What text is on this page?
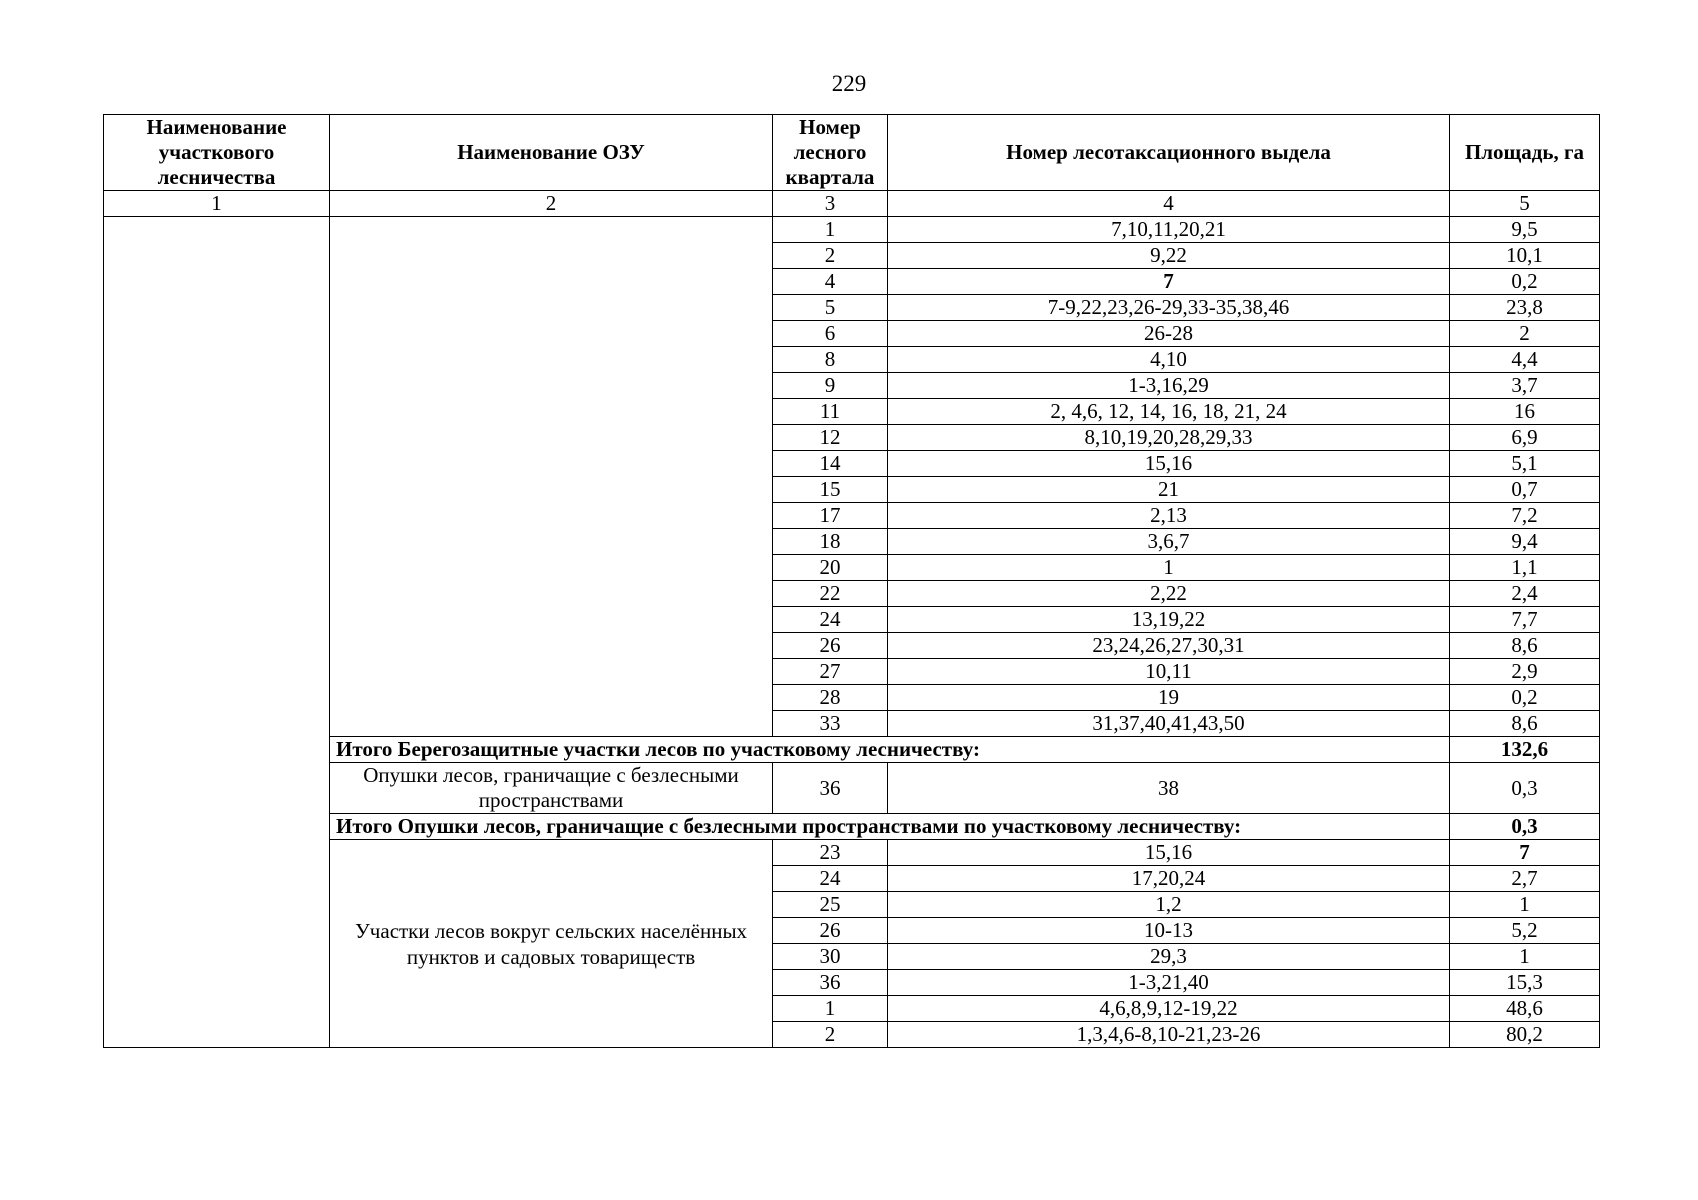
229
Наименование участкового лесничества	Наименование ОЗУ	Номер лесного квартала	Номер лесотаксационного выдела	Площадь, га
1	2	3	4	5
		1	7,10,11,20,21	9,5
		2	9,22	10,1
		4	7	0,2
		5	7-9,22,23,26-29,33-35,38,46	23,8
		6	26-28	2
		8	4,10	4,4
		9	1-3,16,29	3,7
		11	2, 4,6, 12, 14, 16, 18, 21, 24	16
		12	8,10,19,20,28,29,33	6,9
		14	15,16	5,1
		15	21	0,7
		17	2,13	7,2
		18	3,6,7	9,4
		20	1	1,1
		22	2,22	2,4
		24	13,19,22	7,7
		26	23,24,26,27,30,31	8,6
		27	10,11	2,9
		28	19	0,2
		33	31,37,40,41,43,50	8,6
	Итого Берегозащитные участки лесов по участковому лесничеству:			132,6
	Опушки лесов, граничащие с безлесными пространствами	36	38	0,3
	Итого Опушки лесов, граничащие с безлесными пространствами по участковому лесничеству:			0,3
	Участки лесов вокруг сельских населённых пунктов и садовых товариществ	23	15,16	7
		24	17,20,24	2,7
		25	1,2	1
		26	10-13	5,2
		30	29,3	1
		36	1-3,21,40	15,3
		1	4,6,8,9,12-19,22	48,6
		2	1,3,4,6-8,10-21,23-26	80,2
